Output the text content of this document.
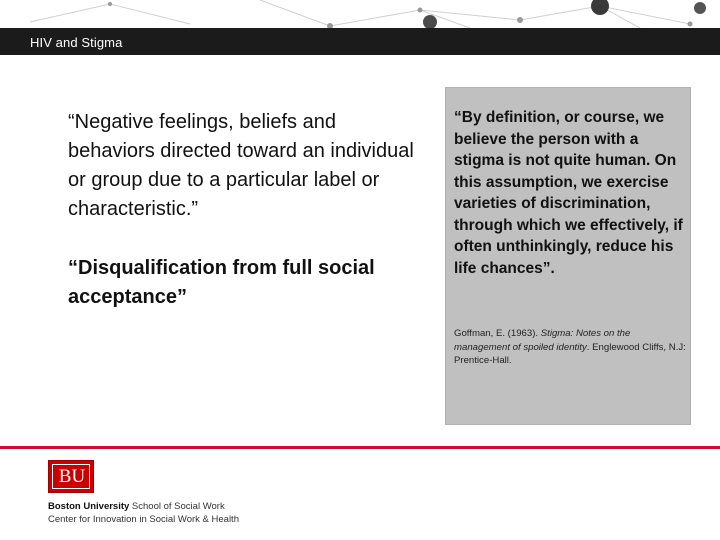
HIV and Stigma

“Negative feelings, beliefs and behaviors directed toward an individual or group due to a particular label or characteristic.”

“Disqualification from full social acceptance”

“By definition, or course, we believe the person with a stigma is not quite human. On this assumption, we exercise varieties of discrimination, through which we effectively, if often unthinkingly, reduce his life chances”.

Goffman, E. (1963). Stigma: Notes on the management of spoiled identity. Englewood Cliffs, N.J: Prentice-Hall.

BU
Boston University School of Social Work
Center for Innovation in Social Work & Health
